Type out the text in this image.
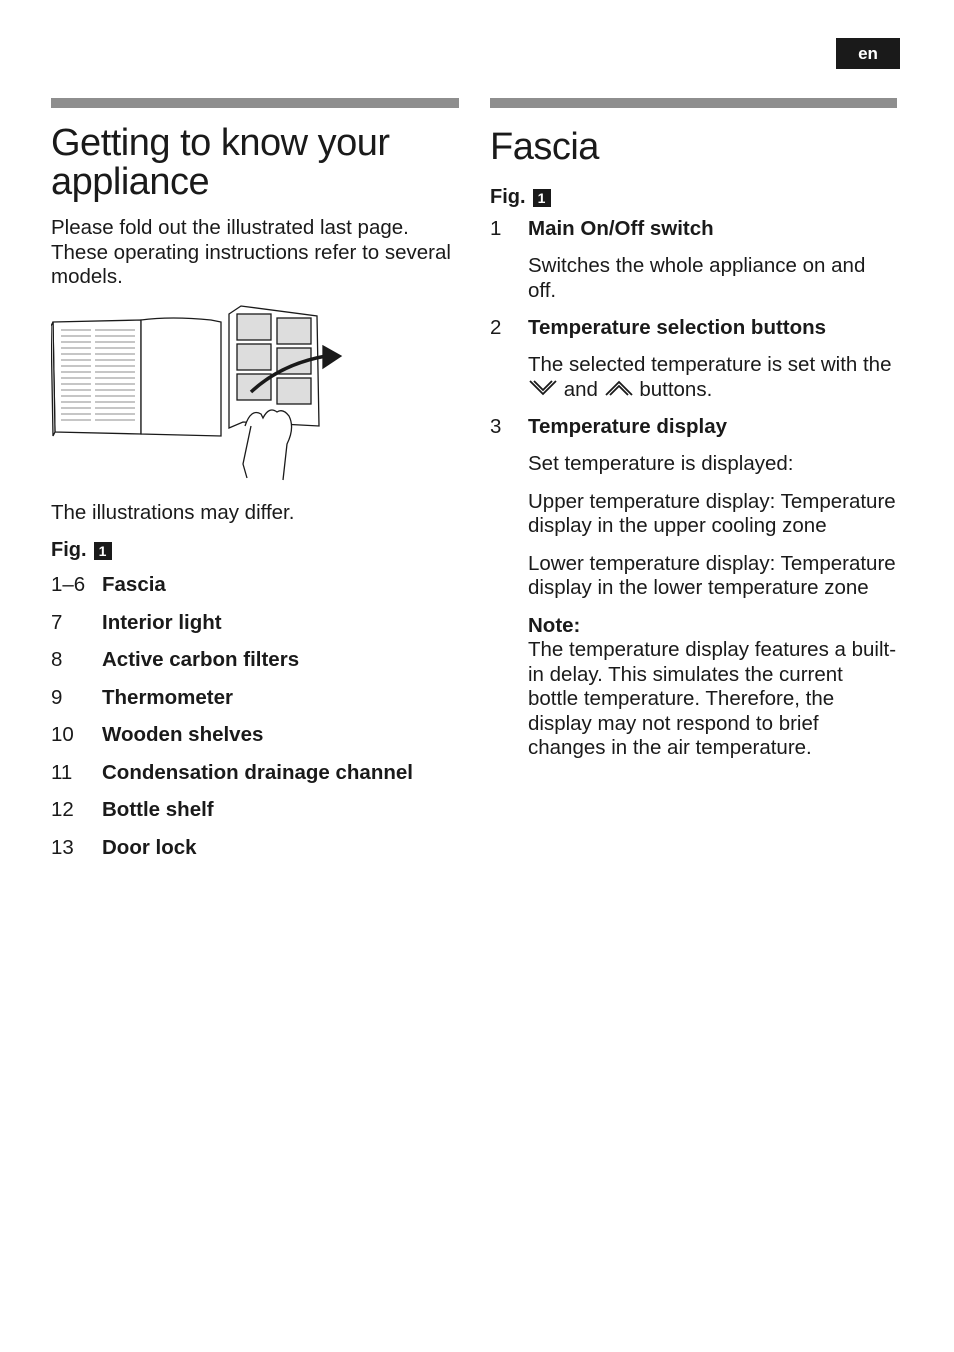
en
Getting to know your appliance

Please fold out the illustrated last page. These operating instructions refer to several models.

The illustrations may differ.

Fig. 1
1–6 Fascia
7	Interior light
8	Active carbon filters
9	Thermometer
10	Wooden shelves
11	Condensation drainage channel
12	Bottle shelf
13	Door lock
Fascia
Fig. 1
1	Main On/Off switch

Switches the whole appliance on and off.

2	Temperature selection buttons

The selected temperature is set with the  and buttons.

3	Temperature display

Set temperature is displayed:

Upper temperature display: Temperature display in the upper cooling zone

Lower temperature display: Temperature display in the lower temperature zone

Note:

The temperature display features a built-in delay. This simulates the current bottle temperature. Therefore, the display may not respond to brief changes in the air temperature.
